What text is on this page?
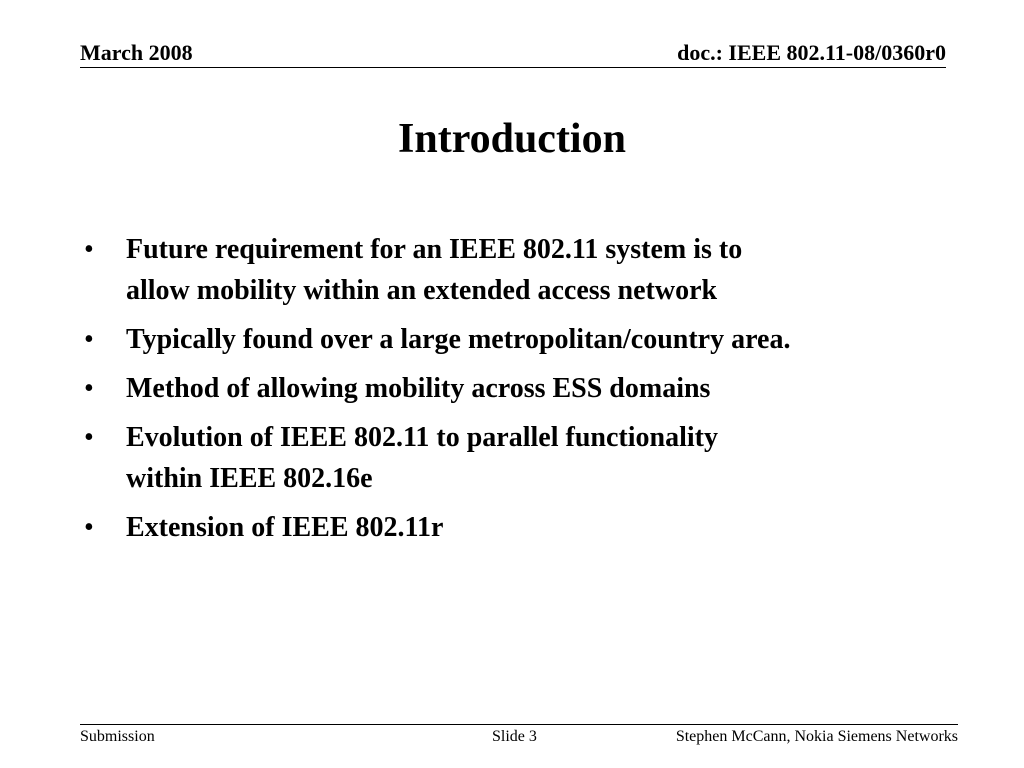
March 2008	doc.: IEEE 802.11-08/0360r0
Introduction
•	Future requirement for an IEEE 802.11 system is to
allow mobility within an extended access network
•	Typically found over a large metropolitan/country area.
•	Method of allowing mobility across ESS domains
•	Evolution of IEEE 802.11 to parallel functionality
within IEEE 802.16e
•	Extension of IEEE 802.11r
Submission	Slide 3	Stephen McCann, Nokia Siemens Networks
